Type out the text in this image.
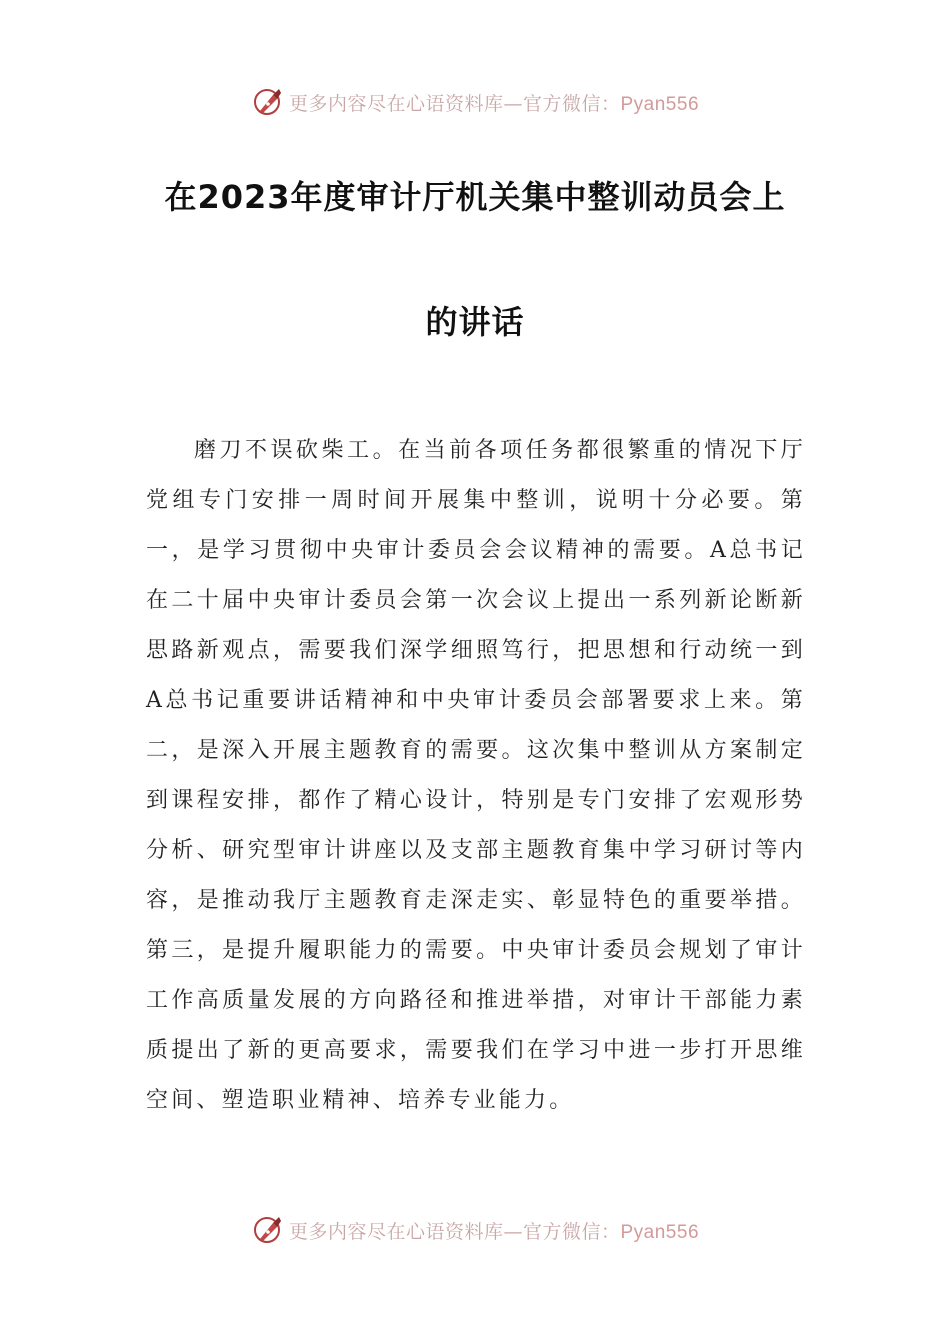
更多内容尽在心语资料库—官方微信：Pyan556
在2023年度审计厅机关集中整训动员会上
的讲话

磨刀不误砍柴工。在当前各项任务都很繁重的情况下厅党组专门安排一周时间开展集中整训，说明十分必要。第一，是学习贯彻中央审计委员会会议精神的需要。A总书记在二十届中央审计委员会第一次会议上提出一系列新论断新思路新观点，需要我们深学细照笃行，把思想和行动统一到A总书记重要讲话精神和中央审计委员会部署要求上来。第二，是深入开展主题教育的需要。这次集中整训从方案制定到课程安排，都作了精心设计，特别是专门安排了宏观形势分析、研究型审计讲座以及支部主题教育集中学习研讨等内容，是推动我厅主题教育走深走实、彰显特色的重要举措。第三，是提升履职能力的需要。中央审计委员会规划了审计工作高质量发展的方向路径和推进举措，对审计干部能力素质提出了新的更高要求，需要我们在学习中进一步打开思维空间、塑造职业精神、培养专业能力。

更多内容尽在心语资料库—官方微信：Pyan556
